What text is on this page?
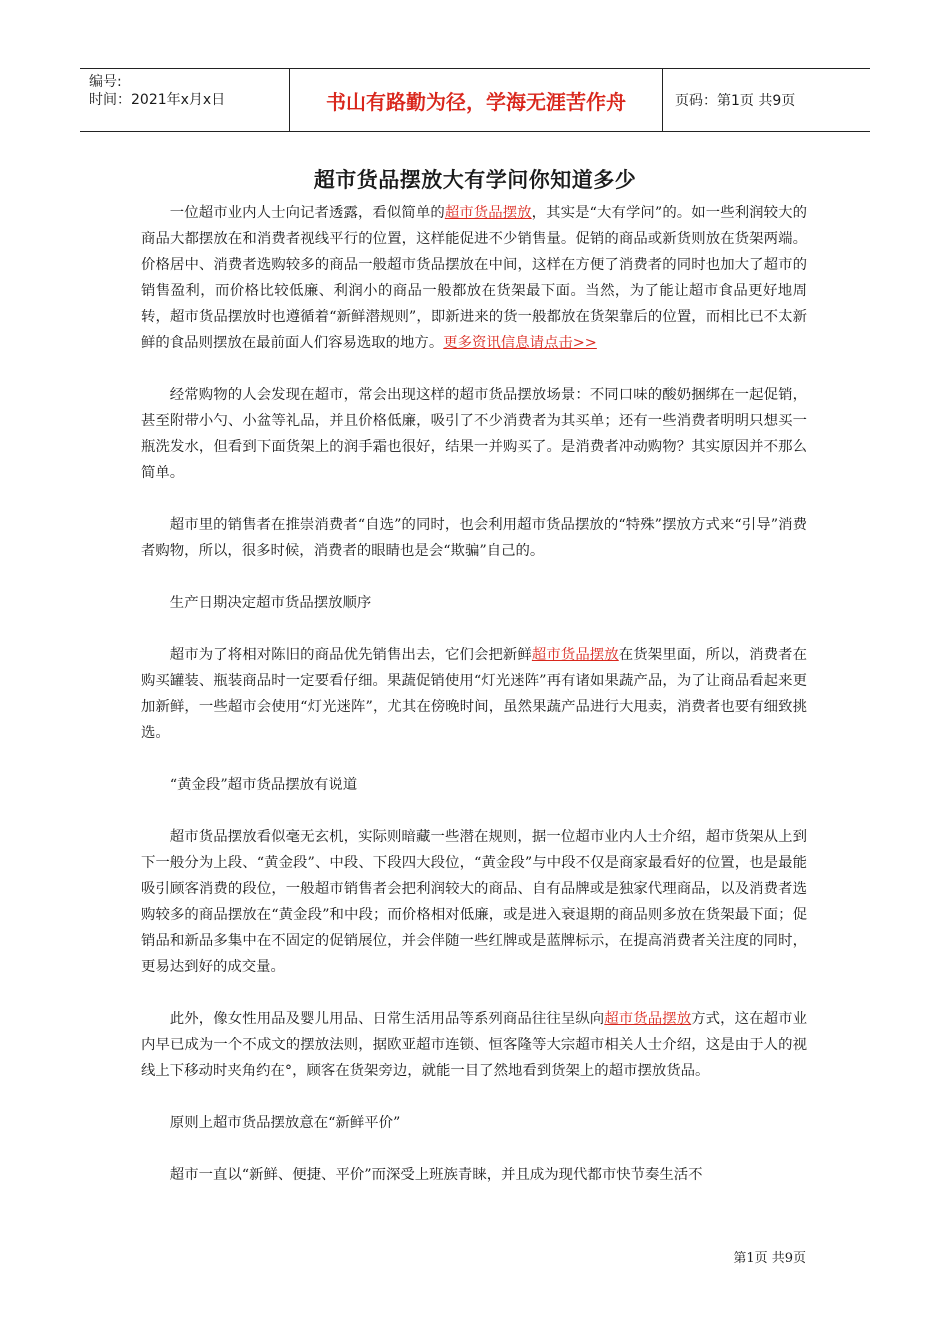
编号:
时间：2021年x月x日	书山有路勤为径，学海无涯苦作舟	页码：第1页 共9页
超市货品摆放大有学问你知道多少

一位超市业内人士向记者透露，看似简单的超市货品摆放，其实是“大有学问”的。如一些利润较大的商品大都摆放在和消费者视线平行的位置，这样能促进不少销售量。促销的商品或新货则放在货架两端。价格居中、消费者选购较多的商品一般超市货品摆放在中间，这样在方便了消费者的同时也加大了超市的销售盈利，而价格比较低廉、利润小的商品一般都放在货架最下面。当然，为了能让超市食品更好地周转，超市货品摆放时也遵循着“新鲜潜规则”，即新进来的货一般都放在货架靠后的位置，而相比已不太新鲜的食品则摆放在最前面人们容易选取的地方。更多资讯信息请点击>>

经常购物的人会发现在超市，常会出现这样的超市货品摆放场景：不同口味的酸奶捆绑在一起促销，甚至附带小勺、小盆等礼品，并且价格低廉，吸引了不少消费者为其买单；还有一些消费者明明只想买一瓶洗发水，但看到下面货架上的润手霜也很好，结果一并购买了。是消费者冲动购物？其实原因并不那么简单。

超市里的销售者在推崇消费者“自选”的同时，也会利用超市货品摆放的“特殊”摆放方式来“引导”消费者购物，所以，很多时候，消费者的眼睛也是会“欺骗”自己的。

生产日期决定超市货品摆放顺序

超市为了将相对陈旧的商品优先销售出去，它们会把新鲜超市货品摆放在货架里面，所以，消费者在购买罐装、瓶装商品时一定要看仔细。果蔬促销使用“灯光迷阵”再有诸如果蔬产品，为了让商品看起来更加新鲜，一些超市会使用“灯光迷阵”，尤其在傍晚时间，虽然果蔬产品进行大甩卖，消费者也要有细致挑选。

“黄金段”超市货品摆放有说道

超市货品摆放看似毫无玄机，实际则暗藏一些潜在规则，据一位超市业内人士介绍，超市货架从上到下一般分为上段、“黄金段”、中段、下段四大段位，“黄金段”与中段不仅是商家最看好的位置，也是最能吸引顾客消费的段位，一般超市销售者会把利润较大的商品、自有品牌或是独家代理商品，以及消费者选购较多的商品摆放在“黄金段”和中段；而价格相对低廉，或是进入衰退期的商品则多放在货架最下面；促销品和新品多集中在不固定的促销展位，并会伴随一些红牌或是蓝牌标示，在提高消费者关注度的同时，更易达到好的成交量。

此外，像女性用品及婴儿用品、日常生活用品等系列商品往往呈纵向超市货品摆放方式，这在超市业内早已成为一个不成文的摆放法则，据欧亚超市连锁、恒客隆等大宗超市相关人士介绍，这是由于人的视线上下移动时夹角约在°，顾客在货架旁边，就能一目了然地看到货架上的超市摆放货品。

原则上超市货品摆放意在“新鲜平价”

超市一直以“新鲜、便捷、平价”而深受上班族青睐，并且成为现代都市快节奏生活不

第1页 共9页
